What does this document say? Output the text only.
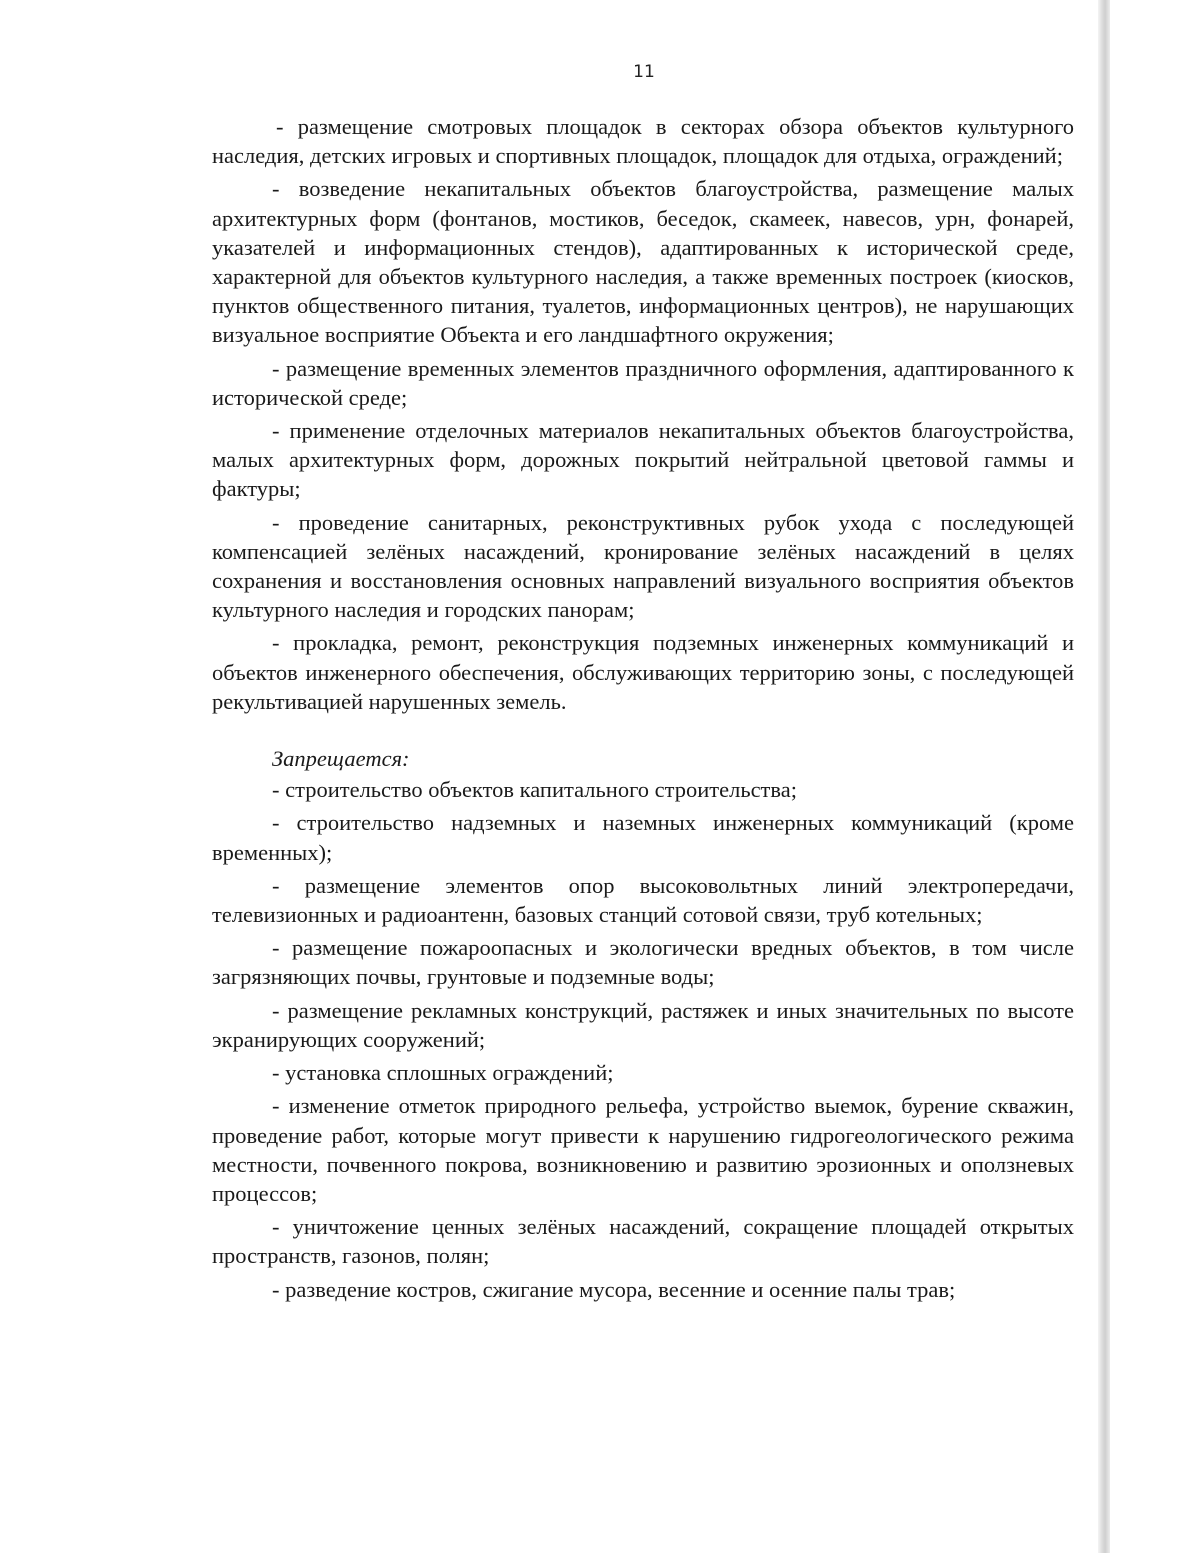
11

- размещение смотровых площадок в секторах обзора объектов культурного наследия, детских игровых и спортивных площадок, площадок для отдыха, ограждений;

- возведение некапитальных объектов благоустройства, размещение малых архитектурных форм (фонтанов, мостиков, беседок, скамеек, навесов, урн, фонарей, указателей и информационных стендов), адаптированных к исторической среде, характерной для объектов культурного наследия, а также временных построек (киосков, пунктов общественного питания, туалетов, информационных центров), не нарушающих визуальное восприятие Объекта и его ландшафтного окружения;

- размещение временных элементов праздничного оформления, адаптированного к исторической среде;

- применение отделочных материалов некапитальных объектов благоустройства, малых архитектурных форм, дорожных покрытий нейтральной цветовой гаммы и фактуры;

- проведение санитарных, реконструктивных рубок ухода с последующей компенсацией зелёных насаждений, кронирование зелёных насаждений в целях сохранения и восстановления основных направлений визуального восприятия объектов культурного наследия и городских панорам;

- прокладка, ремонт, реконструкция подземных инженерных коммуникаций и объектов инженерного обеспечения, обслуживающих территорию зоны, с последующей рекультивацией нарушенных земель.

Запрещается:

- строительство объектов капитального строительства;

- строительство надземных и наземных инженерных коммуникаций (кроме временных);

- размещение элементов опор высоковольтных линий электропередачи, телевизионных и радиоантенн, базовых станций сотовой связи, труб котельных;

- размещение пожароопасных и экологически вредных объектов, в том числе загрязняющих почвы, грунтовые и подземные воды;

- размещение рекламных конструкций, растяжек и иных значительных по высоте экранирующих сооружений;

- установка сплошных ограждений;

- изменение отметок природного рельефа, устройство выемок, бурение скважин, проведение работ, которые могут привести к нарушению гидрогеологического режима местности, почвенного покрова, возникновению и развитию эрозионных и оползневых процессов;

- уничтожение ценных зелёных насаждений, сокращение площадей открытых пространств, газонов, полян;

- разведение костров, сжигание мусора, весенние и осенние палы трав;
